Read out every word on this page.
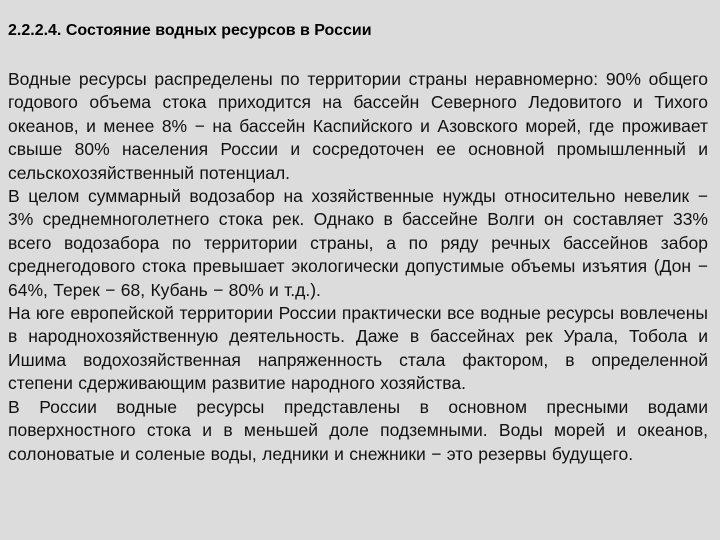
2.2.2.4. Состояние водных ресурсов в России

Водные ресурсы распределены по территории страны неравномерно: 90% общего годового объема стока приходится на бассейн Северного Ледовитого и Тихого океанов, и менее 8% − на бассейн Каспийского и Азовского морей, где проживает свыше 80% населения России и сосредоточен ее основной промышленный и сельскохозяйственный потенциал.

В целом суммарный водозабор на хозяйственные нужды относительно невелик − 3% среднемноголетнего стока рек. Однако в бассейне Волги он составляет 33% всего водозабора по территории страны, а по ряду речных бассейнов забор среднегодового стока превышает экологически допустимые объемы изъятия (Дон − 64%, Терек − 68, Кубань − 80% и т.д.).

На юге европейской территории России практически все водные ресурсы вовлечены в народнохозяйственную деятельность. Даже в бассейнах рек Урала, Тобола и Ишима водохозяйственная напряженность стала фактором, в определенной степени сдерживающим развитие народного хозяйства.

В России водные ресурсы представлены в основном пресными водами поверхностного стока и в меньшей доле подземными. Воды морей и океанов, солоноватые и соленые воды, ледники и снежники − это резервы будущего.
